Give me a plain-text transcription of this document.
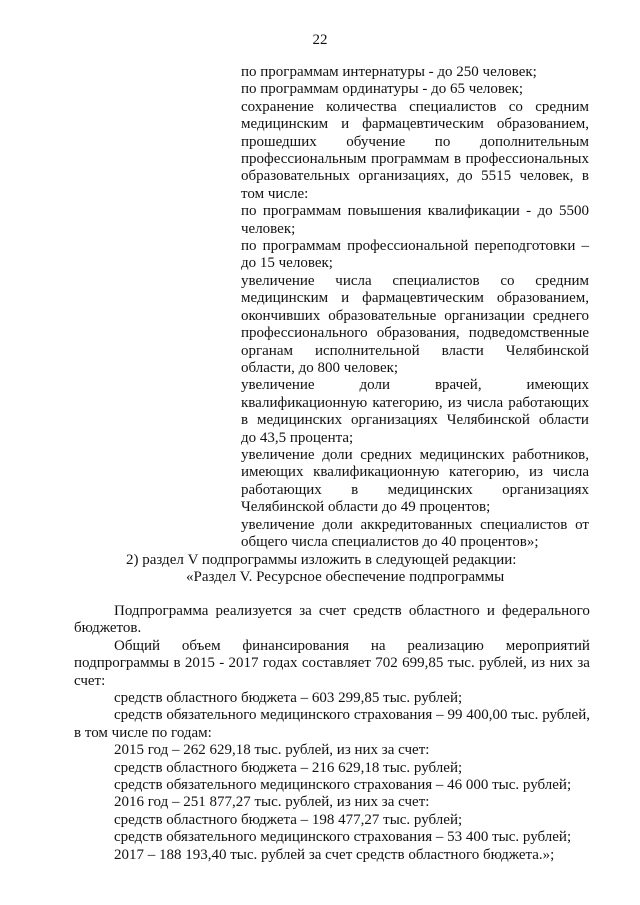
22
по программам интернатуры - до 250 человек;
по программам ординатуры - до 65 человек;
сохранение количества специалистов со средним
медицинским и фармацевтическим образованием,
прошедших обучение по дополнительным
профессиональным программам в профессиональных
образовательных организациях, до 5515 человек, в
том числе:
по программам повышения квалификации - до 5500
человек;
по программам профессиональной переподготовки –
до 15 человек;
увеличение числа специалистов со средним
медицинским и фармацевтическим образованием,
окончивших образовательные организации среднего
профессионального образования, подведомственные
органам исполнительной власти Челябинской
области, до 800 человек;
увеличение	доли	врачей,	имеющих
квалификационную категорию, из числа работающих
в медицинских организациях Челябинской области
до 43,5 процента;
увеличение доли средних медицинских работников,
имеющих квалификационную категорию, из числа
работающих в медицинских организациях
Челябинской области до 49 процентов;
увеличение доли аккредитованных специалистов от
общего числа специалистов до 40 процентов»;
2) раздел V подпрограммы изложить в следующей редакции:
«Раздел V. Ресурсное обеспечение подпрограммы
Подпрограмма реализуется за счет средств областного и федерального
бюджетов.
Общий объем финансирования на реализацию мероприятий
подпрограммы в 2015 - 2017 годах составляет 702 699,85 тыс. рублей, из них за
счет:
средств областного бюджета – 603 299,85 тыс. рублей;
средств обязательного медицинского страхования – 99 400,00 тыс. рублей,
в том числе по годам:
2015 год – 262 629,18 тыс. рублей, из них за счет:
средств областного бюджета – 216 629,18 тыс. рублей;
средств обязательного медицинского страхования – 46 000 тыс. рублей;
2016 год – 251 877,27 тыс. рублей, из них за счет:
средств областного бюджета – 198 477,27 тыс. рублей;
средств обязательного медицинского страхования – 53 400 тыс. рублей;
2017 – 188 193,40 тыс. рублей за счет средств областного бюджета.»;
